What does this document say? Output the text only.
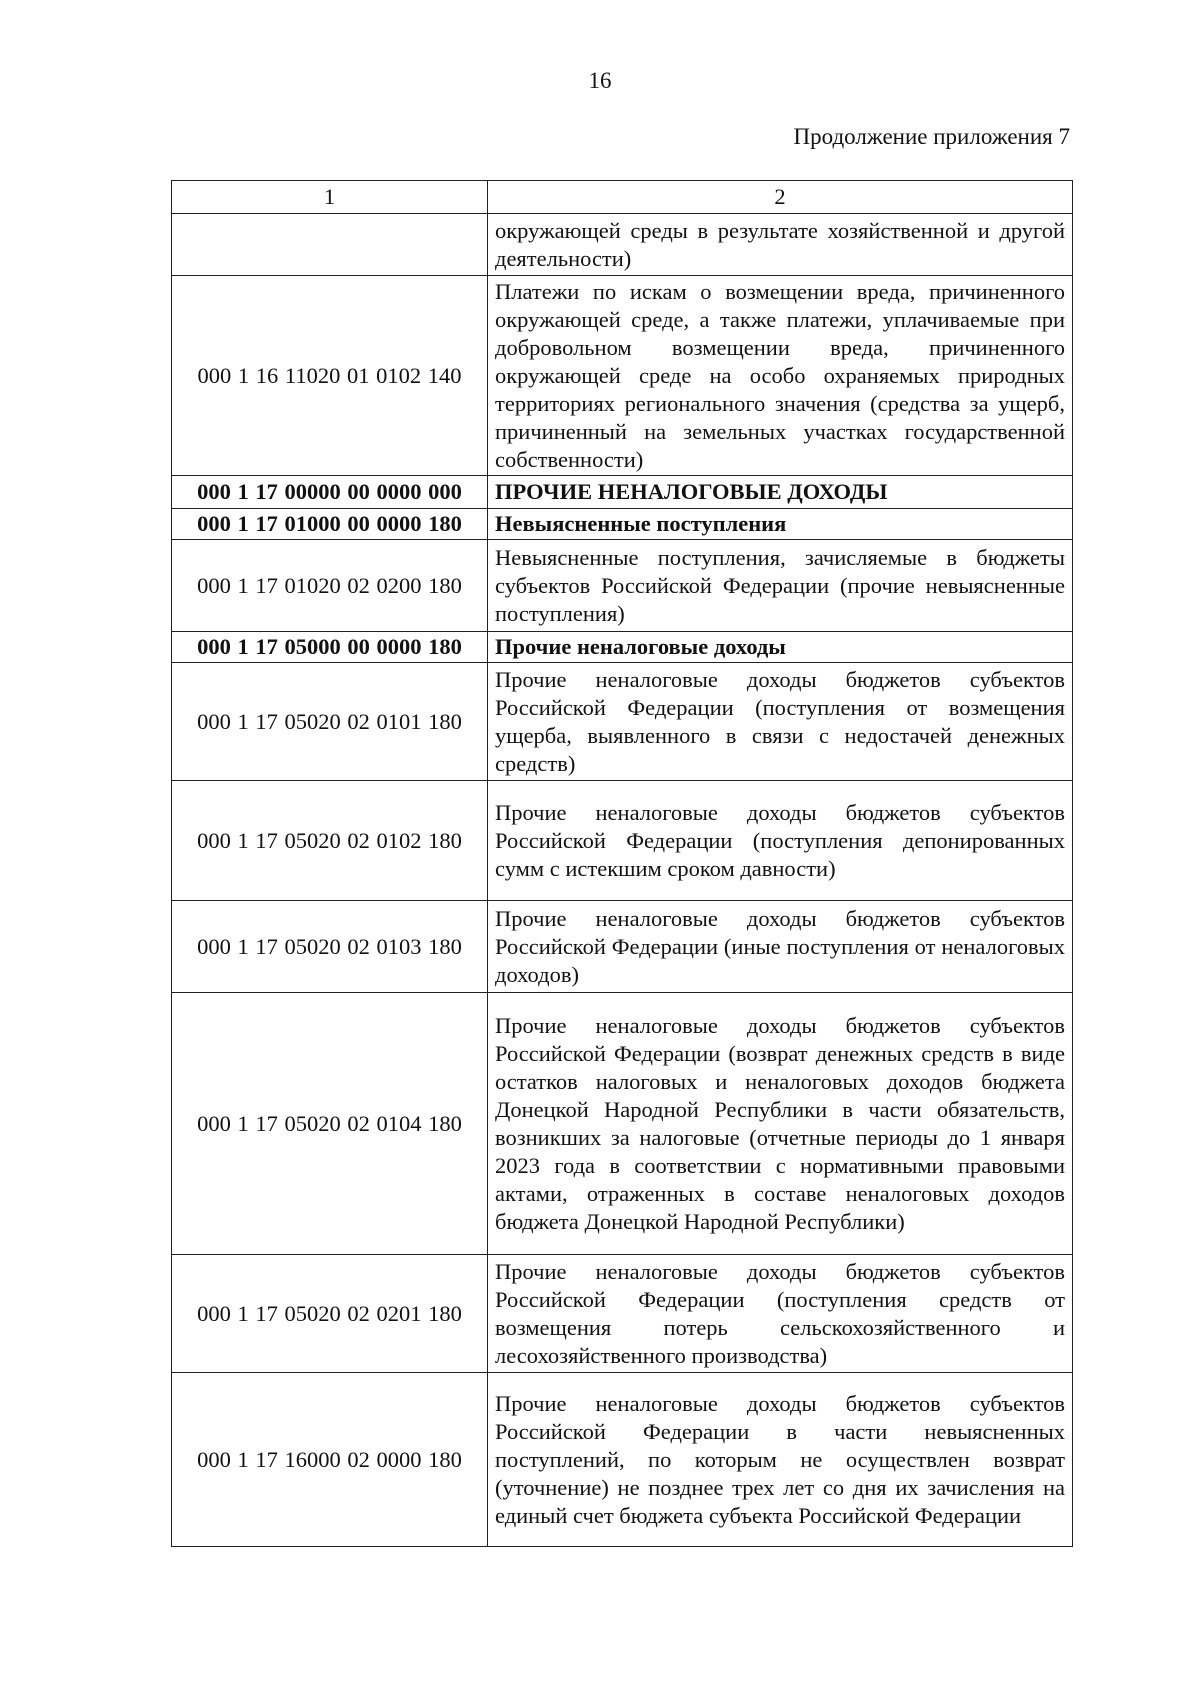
16
Продолжение приложения 7
1	2
	окружающей среды в результате хозяйственной и другой деятельности)
000 1 16 11020 01 0102 140	Платежи по искам о возмещении вреда, причиненного окружающей среде, а также платежи, уплачиваемые при добровольном возмещении вреда, причиненного окружающей среде на особо охраняемых природных территориях регионального значения (средства за ущерб, причиненный на земельных участках государственной собственности)
000 1 17 00000 00 0000 000	ПРОЧИЕ НЕНАЛОГОВЫЕ ДОХОДЫ
000 1 17 01000 00 0000 180	Невыясненные поступления
000 1 17 01020 02 0200 180	Невыясненные поступления, зачисляемые в бюджеты субъектов Российской Федерации (прочие невыясненные поступления)
000 1 17 05000 00 0000 180	Прочие неналоговые доходы
000 1 17 05020 02 0101 180	Прочие неналоговые доходы бюджетов субъектов Российской Федерации (поступления от возмещения ущерба, выявленного в связи с недостачей денежных средств)
000 1 17 05020 02 0102 180	Прочие неналоговые доходы бюджетов субъектов Российской Федерации (поступления депонированных сумм с истекшим сроком давности)
000 1 17 05020 02 0103 180	Прочие неналоговые доходы бюджетов субъектов Российской Федерации (иные поступления от неналоговых доходов)
000 1 17 05020 02 0104 180	Прочие неналоговые доходы бюджетов субъектов Российской Федерации (возврат денежных средств в виде остатков налоговых и неналоговых доходов бюджета Донецкой Народной Республики в части обязательств, возникших за налоговые (отчетные периоды до 1 января 2023 года в соответствии с нормативными правовыми актами, отраженных в составе неналоговых доходов бюджета Донецкой Народной Республики)
000 1 17 05020 02 0201 180	Прочие неналоговые доходы бюджетов субъектов Российской Федерации (поступления средств от возмещения потерь сельскохозяйственного и лесохозяйственного производства)
000 1 17 16000 02 0000 180	Прочие неналоговые доходы бюджетов субъектов Российской Федерации в части невыясненных поступлений, по которым не осуществлен возврат (уточнение) не позднее трех лет со дня их зачисления на единый счет бюджета субъекта Российской Федерации
